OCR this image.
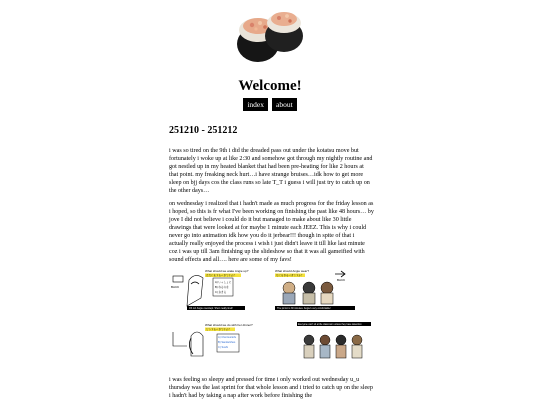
Welcome!
index about
251210 - 251212

i was so tired on the 9th i did the dreaded pass out under the kotatsu move but fortunately i woke up at like 2:30 and somehow got through my nightly routine and got nestled up in my heated blanket that had been pre-heating for like 2 hours at that point. my freaking neck hurt…i have strange bruises…idk how to get more sleep on bjj days cos the class runs so late T_T i guess i will just try to catch up on the other days…

on wednesday i realized that i hadn't made as much progress for the friday lesson as i hoped, so this is fr what I've been working on finishing the past like 48 hours… by jove I did not believe i could do it but managed to make about like 30 little drawings that were looked at for maybe 1 minute each JEEZ. This is why i could never go into animation idk how you do it jerbear!!! though in spite of that i actually really enjoyed the process i wish i just didn't leave it till like last minute coz i was up till 3am finishing up the slideshow so that it was all gameified with sound effects and all…. here are some of my favs!

BACK
What should we wake Angie up?
はなにをするべきですか？
A) いっしょに
B) ねるのを
C) おきる
Oh no! Angie overslept. She's really tired!
What should Angie wear?
なにをきるべきですか？
BACK
The picnic is 30 minutes. Angie's very comfortable!
What should we do with her dinner?
どうするべきですか？
A) Cherries/tofu
B) Sandwiches
C) Sushi
Everyone can't sit at the classroom unless they have detention

i was feeling so sleepy and pressed for time i only worked out wednesday u_u thursday was the last sprint for that whole lesson and i tried to catch up on the sleep i hadn't had by taking a nap after work before finishing the
